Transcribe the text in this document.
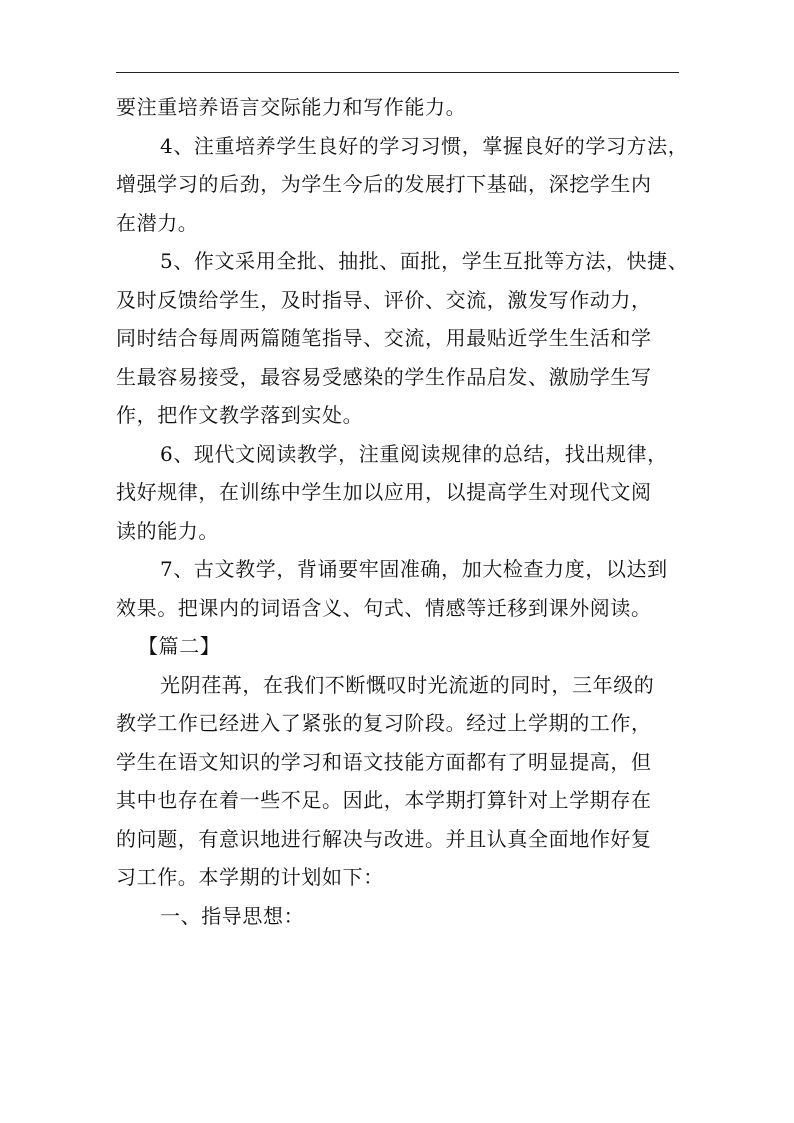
要注重培养语言交际能力和写作能力。
4、注重培养学生良好的学习习惯，掌握良好的学习方法，
增强学习的后劲，为学生今后的发展打下基础，深挖学生内
在潜力。
5、作文采用全批、抽批、面批，学生互批等方法，快捷、
及时反馈给学生，及时指导、评价、交流，激发写作动力，
同时结合每周两篇随笔指导、交流，用最贴近学生生活和学
生最容易接受，最容易受感染的学生作品启发、激励学生写
作，把作文教学落到实处。
6、现代文阅读教学，注重阅读规律的总结，找出规律，
找好规律，在训练中学生加以应用，以提高学生对现代文阅
读的能力。
7、古文教学，背诵要牢固准确，加大检查力度，以达到
效果。把课内的词语含义、句式、情感等迁移到课外阅读。
【篇二】
光阴荏苒，在我们不断慨叹时光流逝的同时，三年级的
教学工作已经进入了紧张的复习阶段。经过上学期的工作，
学生在语文知识的学习和语文技能方面都有了明显提高，但
其中也存在着一些不足。因此，本学期打算针对上学期存在
的问题，有意识地进行解决与改进。并且认真全面地作好复
习工作。本学期的计划如下：
一、指导思想：
